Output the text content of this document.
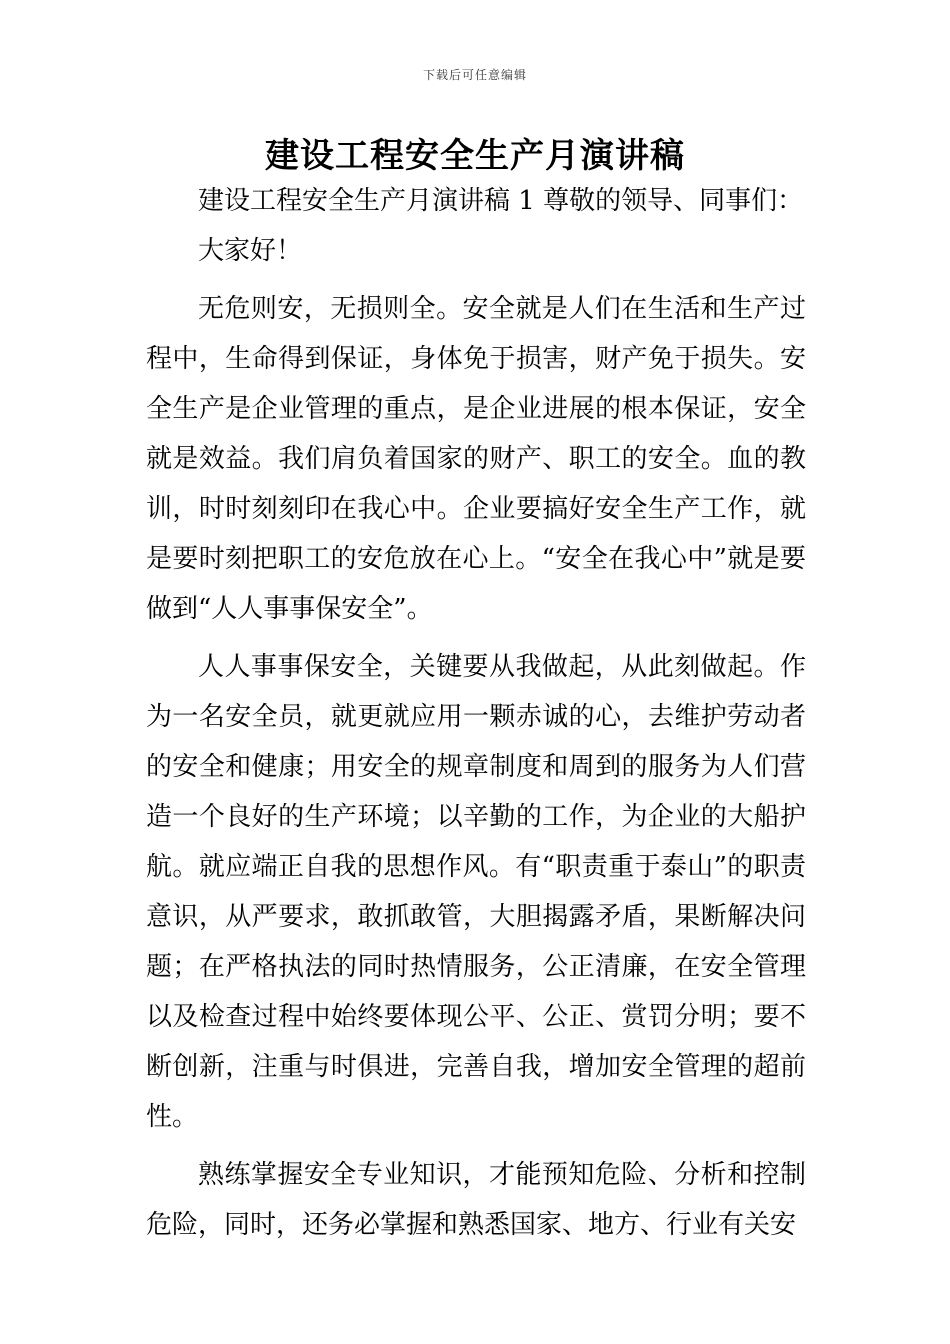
下载后可任意编辑
建设工程安全生产月演讲稿

建设工程安全生产月演讲稿 1 尊敬的领导、同事们：

大家好！

无危则安，无损则全。安全就是人们在生活和生产过程中，生命得到保证，身体免于损害，财产免于损失。安全生产是企业管理的重点，是企业进展的根本保证，安全就是效益。我们肩负着国家的财产、职工的安全。血的教训，时时刻刻印在我心中。企业要搞好安全生产工作，就是要时刻把职工的安危放在心上。“安全在我心中”就是要做到“人人事事保安全”。

人人事事保安全，关键要从我做起，从此刻做起。作为一名安全员，就更就应用一颗赤诚的心，去维护劳动者的安全和健康；用安全的规章制度和周到的服务为人们营造一个良好的生产环境；以辛勤的工作，为企业的大船护航。就应端正自我的思想作风。有“职责重于泰山”的职责意识，从严要求，敢抓敢管，大胆揭露矛盾，果断解决问题；在严格执法的同时热情服务，公正清廉，在安全管理以及检查过程中始终要体现公平、公正、赏罚分明；要不断创新，注重与时俱进，完善自我，增加安全管理的超前性。

熟练掌握安全专业知识，才能预知危险、分析和控制危险，同时，还务必掌握和熟悉国家、地方、行业有关安
